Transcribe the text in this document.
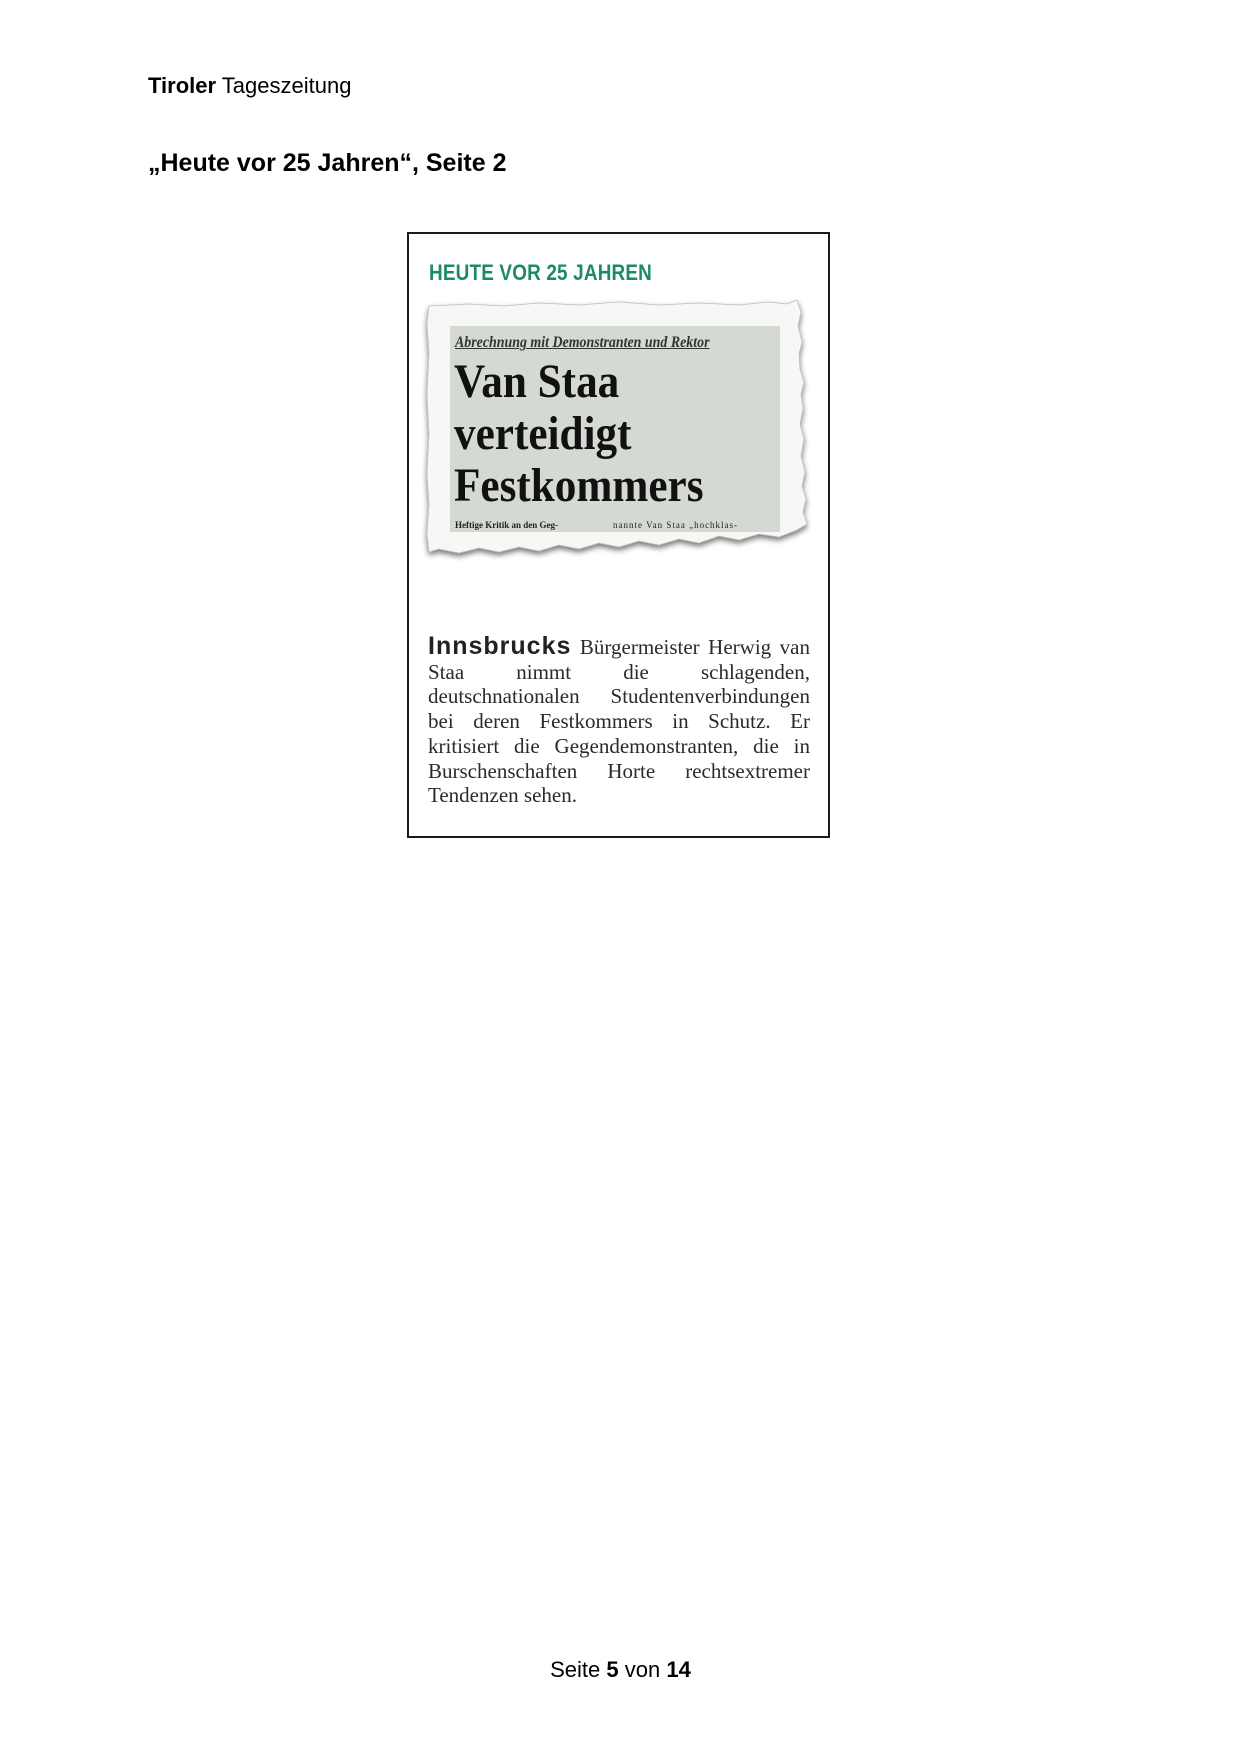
Tiroler Tageszeitung
„Heute vor 25 Jahren“, Seite 2
HEUTE VOR 25 JAHREN
Abrechnung mit Demonstranten und Rektor
Van Staa
verteidigt
Festkommers
Heftige Kritik an den Geg-	nannte Van Staa „hochklas-
Innsbrucks Bürgermeister Herwig van Staa nimmt die schlagenden, deutschnationalen Studentenverbindungen bei deren Festkommers in Schutz. Er kritisiert die Gegendemonstranten, die in Burschenschaften Horte rechtsextremer Tendenzen sehen.
Seite 5 von 14
